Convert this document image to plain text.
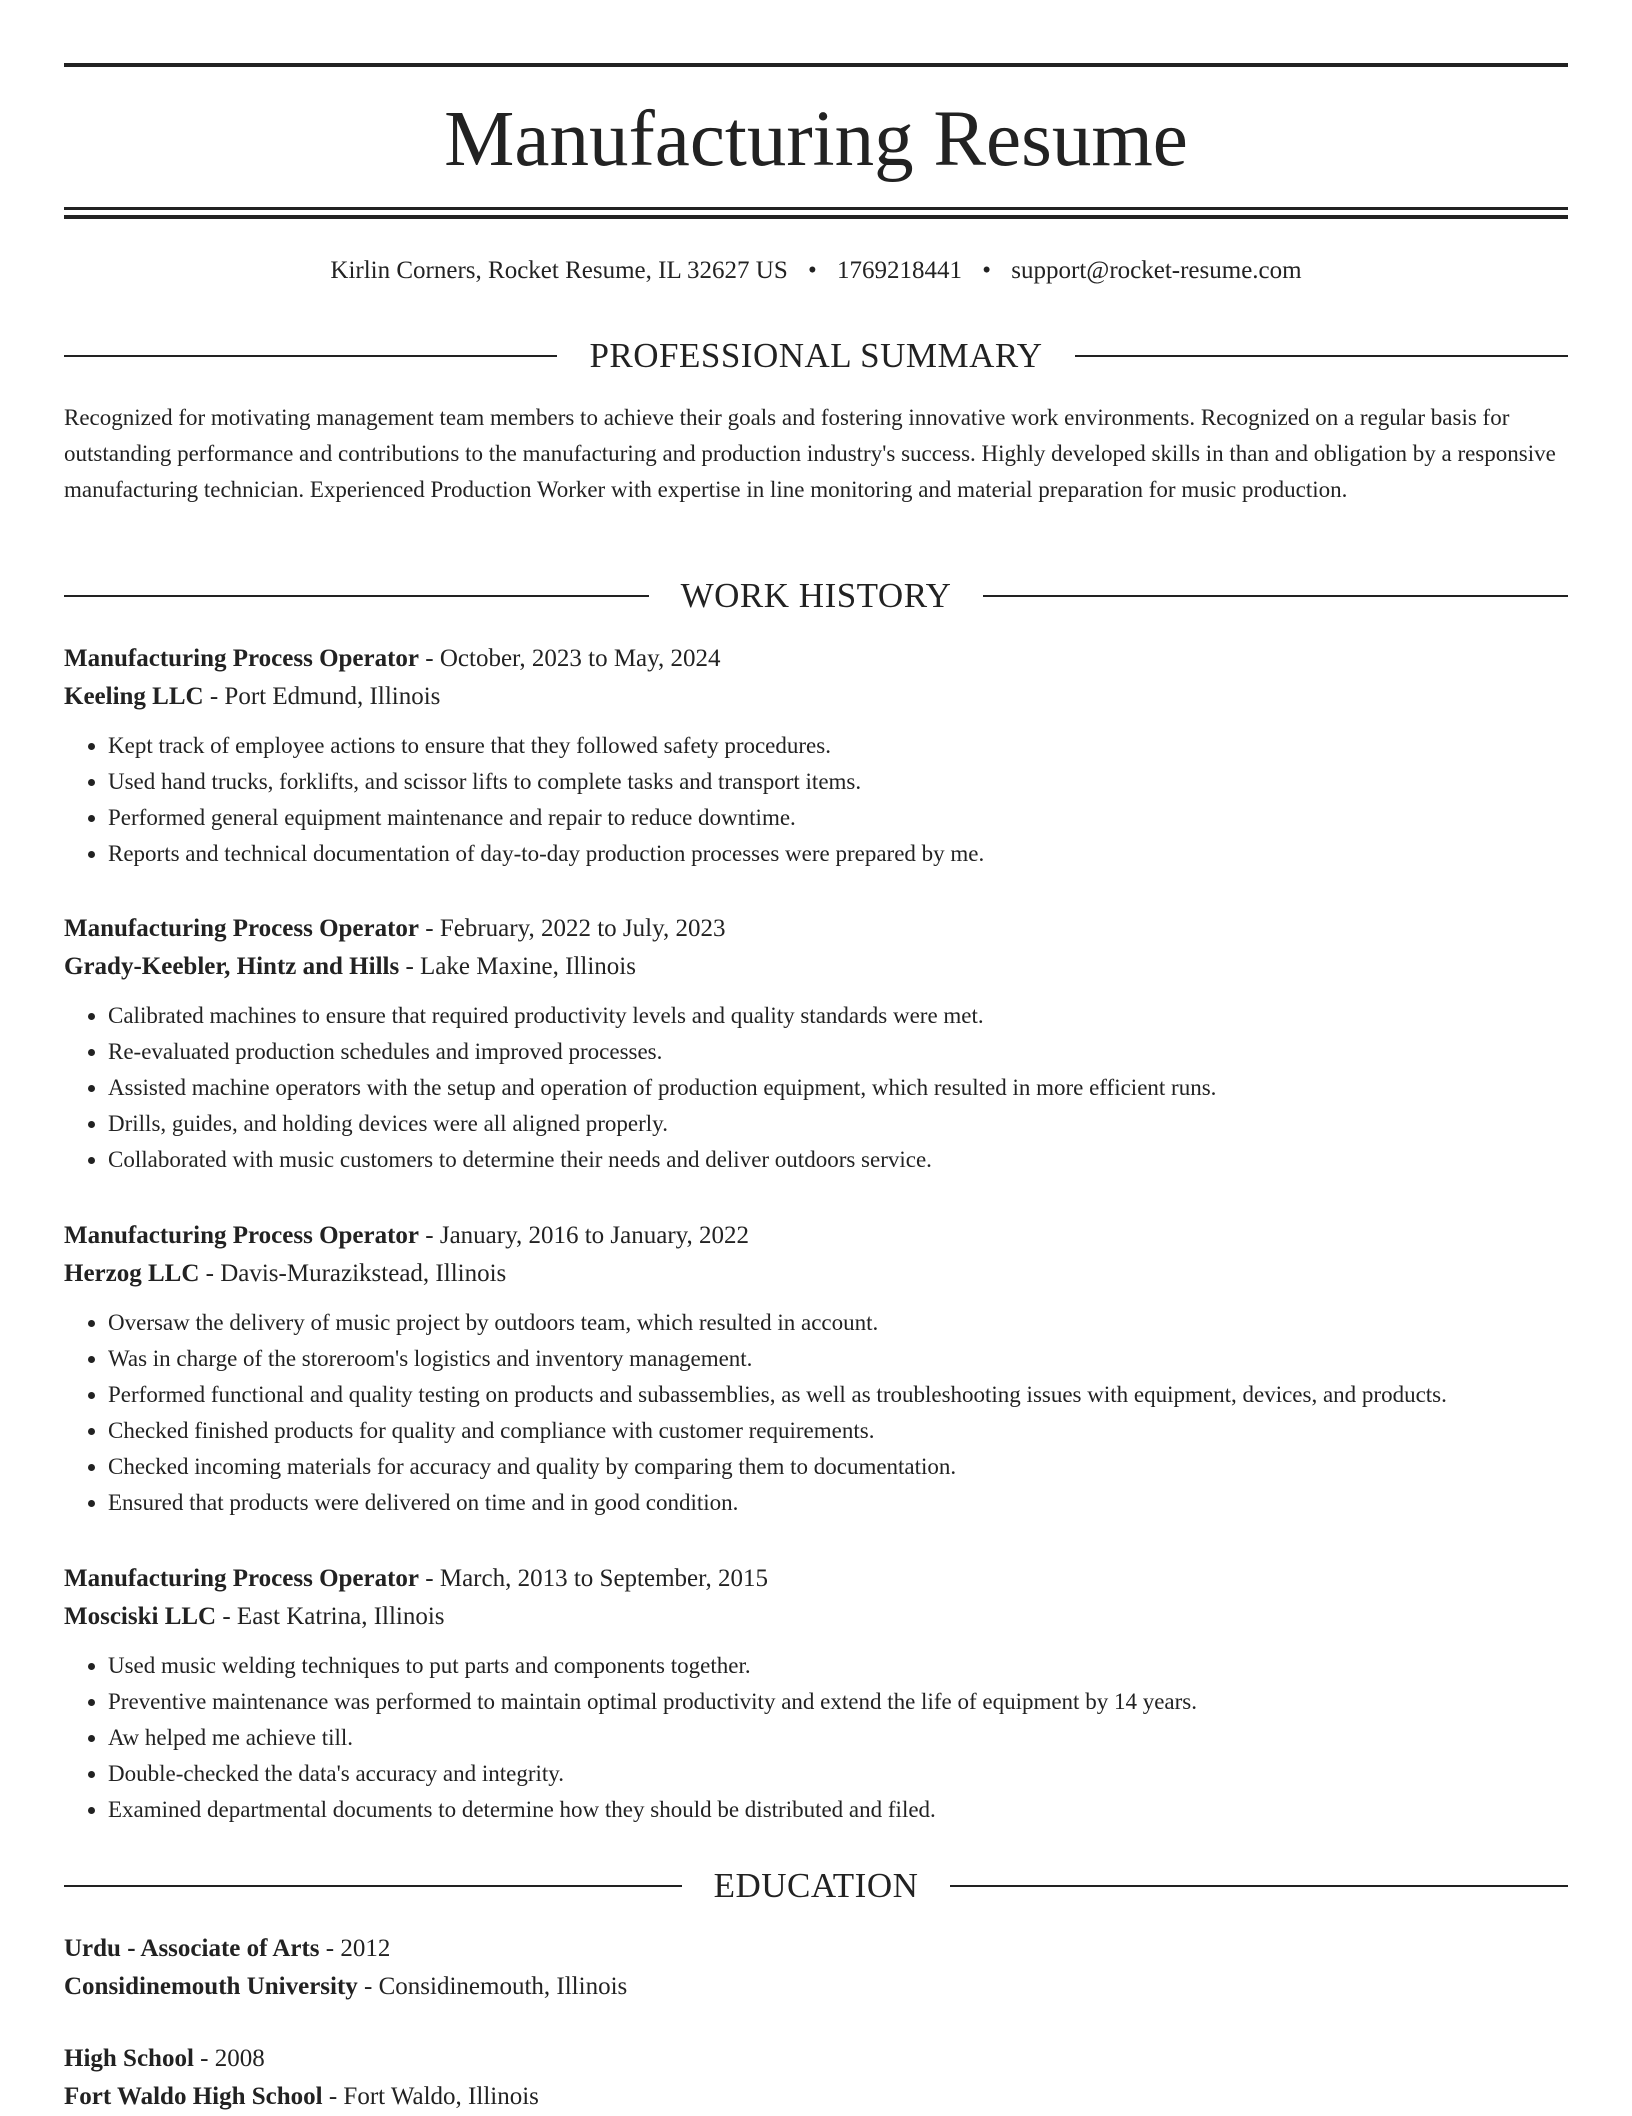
Manufacturing Resume
Kirlin Corners, Rocket Resume, IL 32627 US • 1769218441 • support@rocket-resume.com
PROFESSIONAL SUMMARY

Recognized for motivating management team members to achieve their goals and fostering innovative work environments. Recognized on a regular basis for outstanding performance and contributions to the manufacturing and production industry's success. Highly developed skills in than and obligation by a responsive manufacturing technician. Experienced Production Worker with expertise in line monitoring and material preparation for music production.

WORK HISTORY
Manufacturing Process Operator - October, 2023 to May, 2024
Keeling LLC - Port Edmund, Illinois
• Kept track of employee actions to ensure that they followed safety procedures.
• Used hand trucks, forklifts, and scissor lifts to complete tasks and transport items.
• Performed general equipment maintenance and repair to reduce downtime.
• Reports and technical documentation of day-to-day production processes were prepared by me.
Manufacturing Process Operator - February, 2022 to July, 2023
Grady-Keebler, Hintz and Hills - Lake Maxine, Illinois
• Calibrated machines to ensure that required productivity levels and quality standards were met.
• Re-evaluated production schedules and improved processes.
• Assisted machine operators with the setup and operation of production equipment, which resulted in more efficient runs.
• Drills, guides, and holding devices were all aligned properly.
• Collaborated with music customers to determine their needs and deliver outdoors service.
Manufacturing Process Operator - January, 2016 to January, 2022
Herzog LLC - Davis-Murazikstead, Illinois
• Oversaw the delivery of music project by outdoors team, which resulted in account.
• Was in charge of the storeroom's logistics and inventory management.
• Performed functional and quality testing on products and subassemblies, as well as troubleshooting issues with equipment, devices, and products.
• Checked finished products for quality and compliance with customer requirements.
• Checked incoming materials for accuracy and quality by comparing them to documentation.
• Ensured that products were delivered on time and in good condition.
Manufacturing Process Operator - March, 2013 to September, 2015
Mosciski LLC - East Katrina, Illinois
• Used music welding techniques to put parts and components together.
• Preventive maintenance was performed to maintain optimal productivity and extend the life of equipment by 14 years.
• Aw helped me achieve till.
• Double-checked the data's accuracy and integrity.
• Examined departmental documents to determine how they should be distributed and filed.
EDUCATION
Urdu - Associate of Arts - 2012
Considinemouth University - Considinemouth, Illinois
High School - 2008
Fort Waldo High School - Fort Waldo, Illinois
